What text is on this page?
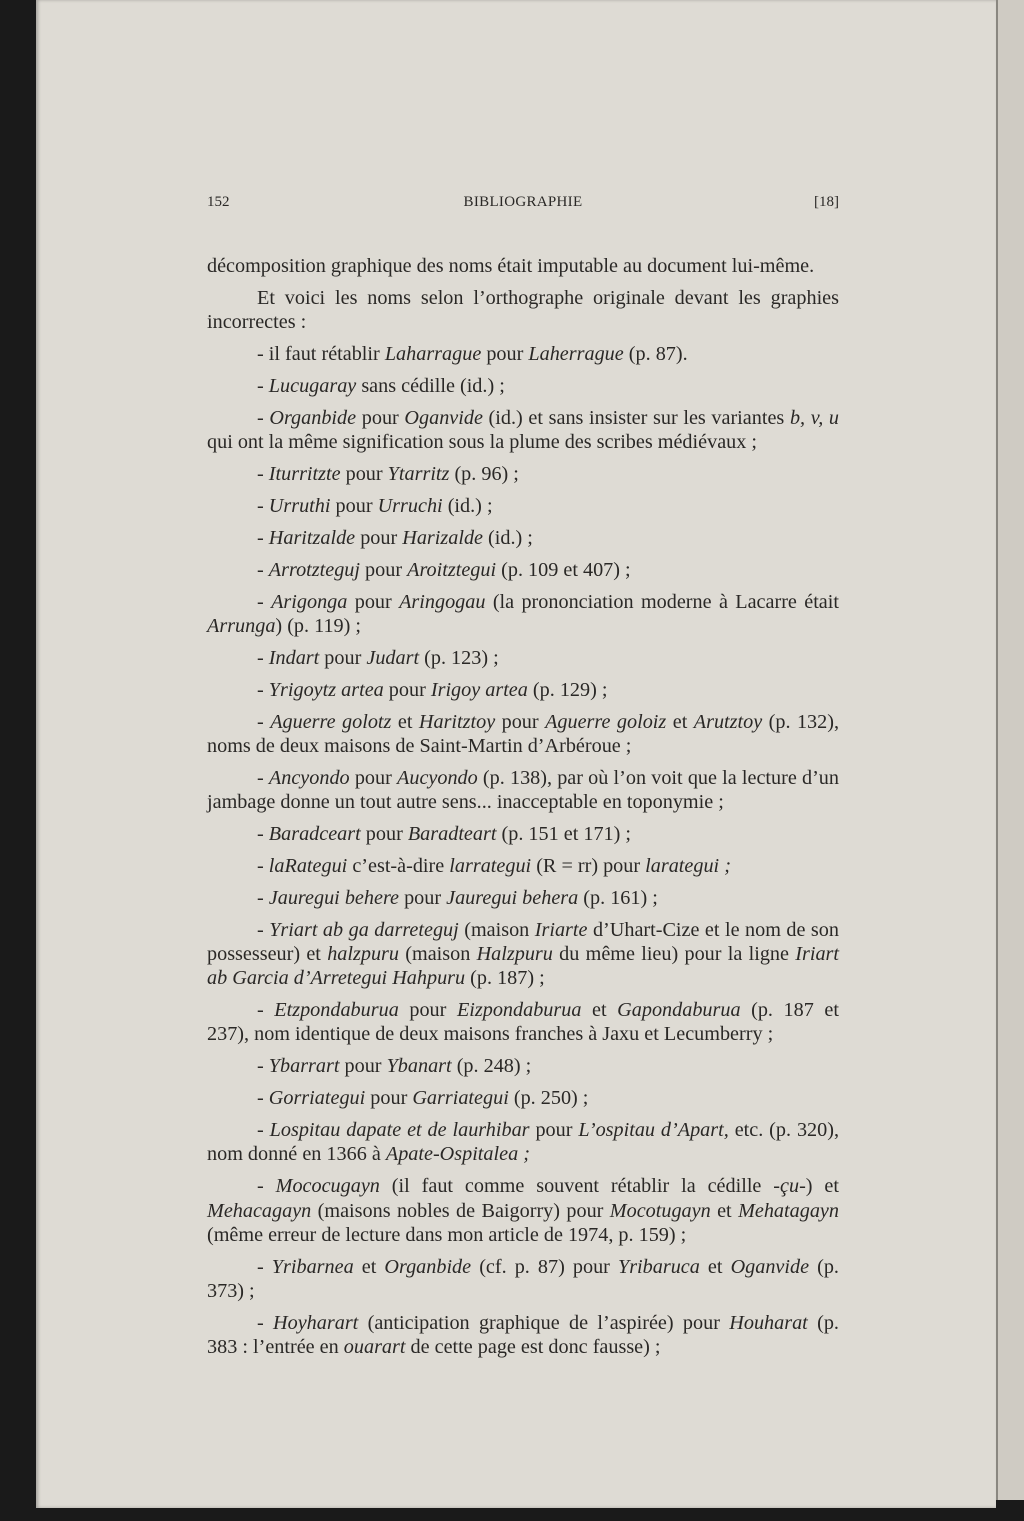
152	BIBLIOGRAPHIE	[18]

décomposition graphique des noms était imputable au document lui-même.

Et voici les noms selon l’orthographe originale devant les graphies incorrectes :

- il faut rétablir Laharrague pour Laherrague (p. 87).

- Lucugaray sans cédille (id.) ;

- Organbide pour Oganvide (id.) et sans insister sur les variantes b, v, u qui ont la même signification sous la plume des scribes médiévaux ;

- Iturritzte pour Ytarritz (p. 96) ;

- Urruthi pour Urruchi (id.) ;

- Haritzalde pour Harizalde (id.) ;

- Arrotzteguj pour Aroitztegui (p. 109 et 407) ;

- Arigonga pour Aringogau (la prononciation moderne à Lacarre était Arrunga) (p. 119) ;

- Indart pour Judart (p. 123) ;

- Yrigoytz artea pour Irigoy artea (p. 129) ;

- Aguerre golotz et Haritztoy pour Aguerre goloiz et Arutztoy (p. 132), noms de deux maisons de Saint-Martin d’Arbéroue ;

- Ancyondo pour Aucyondo (p. 138), par où l’on voit que la lecture d’un jambage donne un tout autre sens... inacceptable en toponymie ;

- Baradceart pour Baradteart (p. 151 et 171) ;

- laRategui c’est-à-dire larrategui (R = rr) pour larategui ;

- Jauregui behere pour Jauregui behera (p. 161) ;

- Yriart ab ga darreteguj (maison Iriarte d’Uhart-Cize et le nom de son possesseur) et halzpuru (maison Halzpuru du même lieu) pour la ligne Iriart ab Garcia d’Arretegui Hahpuru (p. 187) ;

- Etzpondaburua pour Eizpondaburua et Gapondaburua (p. 187 et 237), nom identique de deux maisons franches à Jaxu et Lecumberry ;

- Ybarrart pour Ybanart (p. 248) ;

- Gorriategui pour Garriategui (p. 250) ;

- Lospitau dapate et de laurhibar pour L’ospitau d’Apart, etc. (p. 320), nom donné en 1366 à Apate-Ospitalea ;

- Mococugayn (il faut comme souvent rétablir la cédille -çu-) et Mehacagayn (maisons nobles de Baigorry) pour Mocotugayn et Mehatagayn (même erreur de lecture dans mon article de 1974, p. 159) ;

- Yribarnea et Organbide (cf. p. 87) pour Yribaruca et Oganvide (p. 373) ;

- Hoyharart (anticipation graphique de l’aspirée) pour Houharat (p. 383 : l’entrée en ouarart de cette page est donc fausse) ;
